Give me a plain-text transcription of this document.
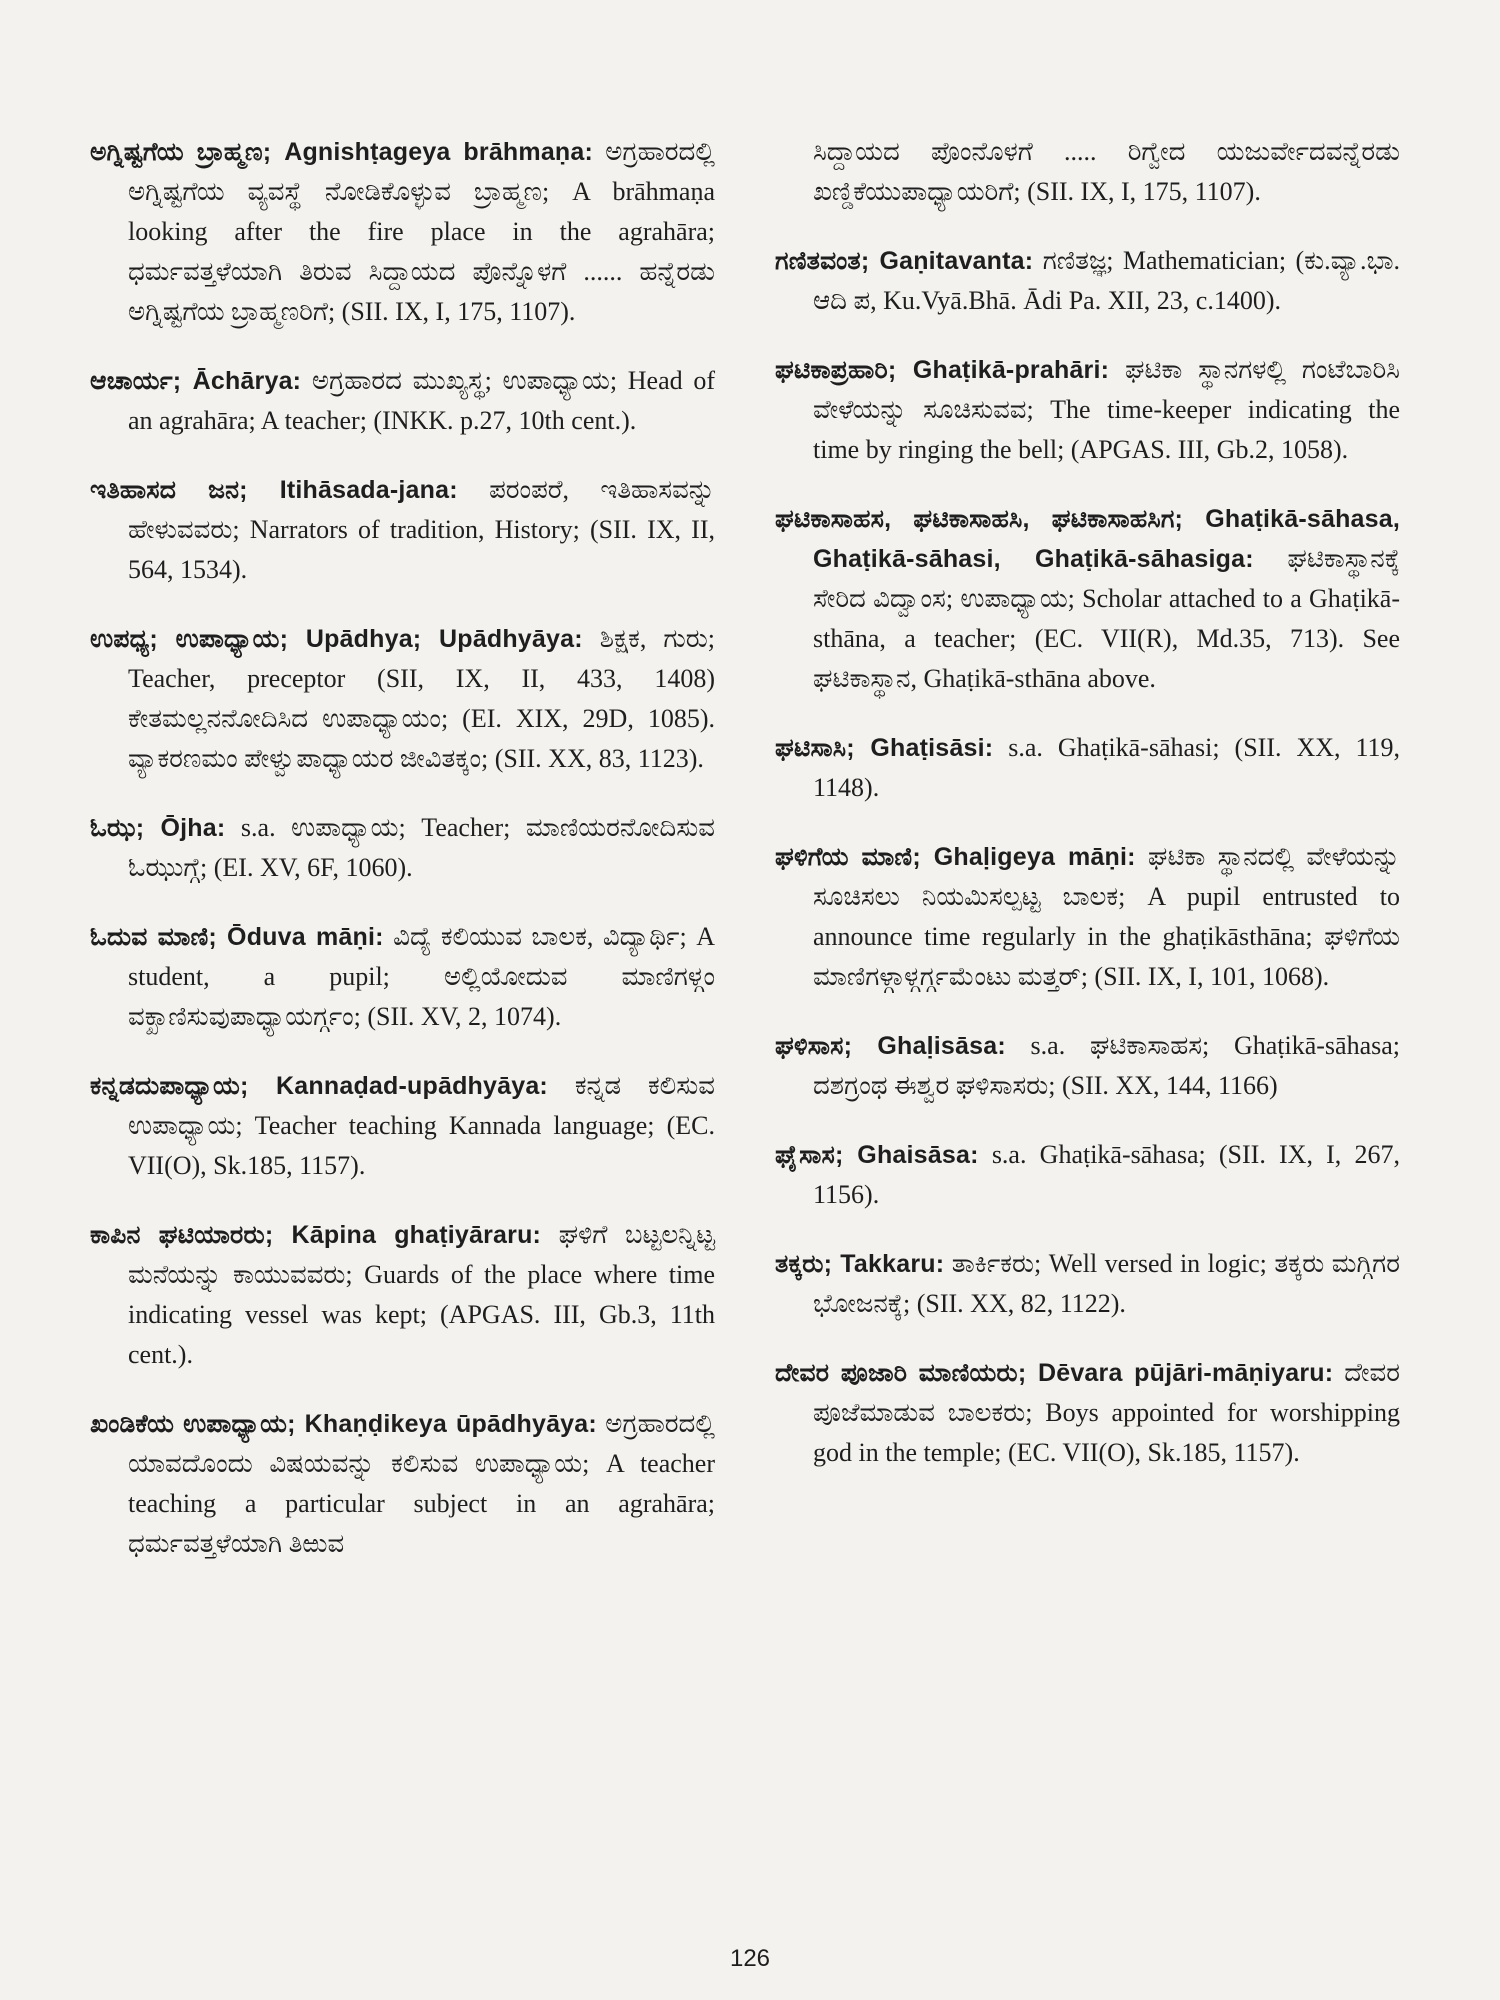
ಅಗ್ನಿಷ್ಟಗೆಯ ಬ್ರಾಹ್ಮಣ; Agnishṭageya brāhmaṇa: ಅಗ್ರಹಾರದಲ್ಲಿ ಅಗ್ನಿಷ್ಟಗೆಯ ವ್ಯವಸ್ಥೆ ನೋಡಿಕೊಳ್ಳುವ ಬ್ರಾಹ್ಮಣ; A brāhmaṇa looking after the fire place in the agrahāra; ಧರ್ಮವತ್ತಳೆಯಾಗಿ ತಿರುವ ಸಿದ್ದಾಯದ ಪೊನ್ನೊಳಗೆ ...... ಹನ್ನೆರಡು ಅಗ್ನಿಷ್ಟಗೆಯ ಬ್ರಾಹ್ಮಣರಿಗೆ; (SII. IX, I, 175, 1107).

ಆಚಾರ್ಯ; Āchārya: ಅಗ್ರಹಾರದ ಮುಖ್ಯಸ್ಥ; ಉಪಾಧ್ಯಾಯ; Head of an agrahāra; A teacher; (INKK. p.27, 10th cent.).

ಇತಿಹಾಸದ ಜನ; Itihāsada-jana: ಪರಂಪರೆ, ಇತಿಹಾಸವನ್ನು ಹೇಳುವವರು; Narrators of tradition, History; (SII. IX, II, 564, 1534).

ಉಪಧ್ಯ; ಉಪಾಧ್ಯಾಯ; Upādhya; Upādhyāya: ಶಿಕ್ಷಕ, ಗುರು; Teacher, preceptor (SII, IX, II, 433, 1408) ಕೇತಮಲ್ಲನನೋದಿಸಿದ ಉಪಾಧ್ಯಾಯಂ; (EI. XIX, 29D, 1085). ವ್ಯಾಕರಣಮಂ ಪೇಳ್ವುಪಾಧ್ಯಾಯರ ಜೀವಿತಕ್ಕಂ; (SII. XX, 83, 1123).

ಓಝ; Ōjha: s.a. ಉಪಾಧ್ಯಾಯ; Teacher; ಮಾಣಿಯರನೋದಿಸುವ ಓಝುಗ್ಗೆ; (EI. XV, 6F, 1060).

ಓದುವ ಮಾಣಿ; Ōduva māṇi: ವಿದ್ಯೆ ಕಲಿಯುವ ಬಾಲಕ, ವಿದ್ಯಾರ್ಥಿ; A student, a pupil; ಅಲ್ಲಿಯೋದುವ ಮಾಣಿಗಳ್ಗಂ ವಕ್ಖಾಣಿಸುವುಪಾಧ್ಯಾಯರ್ಗ್ಗಂ; (SII. XV, 2, 1074).

ಕನ್ನಡದುಪಾಧ್ಯಾಯ; Kannaḍad-upādhyāya: ಕನ್ನಡ ಕಲಿಸುವ ಉಪಾಧ್ಯಾಯ; Teacher teaching Kannada language; (EC. VII(O), Sk.185, 1157).

ಕಾಪಿನ ಘಟಿಯಾರರು; Kāpina ghaṭiyāraru: ಘಳಿಗೆ ಬಟ್ಟಲನ್ನಿಟ್ಟ ಮನೆಯನ್ನು ಕಾಯುವವರು; Guards of the place where time indicating vessel was kept; (APGAS. III, Gb.3, 11th cent.).

ಖಂಡಿಕೆಯ ಉಪಾಧ್ಯಾಯ; Khaṇḍikeya ūpādhyāya: ಅಗ್ರಹಾರದಲ್ಲಿ ಯಾವದೊಂದು ವಿಷಯವನ್ನು ಕಲಿಸುವ ಉಪಾಧ್ಯಾಯ; A teacher teaching a particular subject in an agrahāra; ಧರ್ಮವತ್ತಳೆಯಾಗಿ ತಿಱುವ

ಸಿದ್ದಾಯದ ಪೊಂನೊಳಗೆ ..... ರಿಗ್ವೇದ ಯಜುರ್ವೇದವನ್ನೆರಡು ಖಣ್ಡಿಕೆಯುಪಾಧ್ಯಾಯರಿಗೆ; (SII. IX, I, 175, 1107).

ಗಣಿತವಂತ; Gaṇitavanta: ಗಣಿತಜ್ಞ; Mathematician; (ಕು.ವ್ಯಾ.ಭಾ. ಆದಿ ಪ, Ku.Vyā.Bhā. Ādi Pa. XII, 23, c.1400).

ಘಟಿಕಾಪ್ರಹಾರಿ; Ghaṭikā-prahāri: ಘಟಿಕಾ ಸ್ಥಾನಗಳಲ್ಲಿ ಗಂಟೆಬಾರಿಸಿ ವೇಳೆಯನ್ನು ಸೂಚಿಸುವವ; The time-keeper indicating the time by ringing the bell; (APGAS. III, Gb.2, 1058).

ಘಟಿಕಾಸಾಹಸ, ಘಟಿಕಾಸಾಹಸಿ, ಘಟಿಕಾಸಾಹಸಿಗ; Ghaṭikā-sāhasa, Ghaṭikā-sāhasi, Ghaṭikā-sāhasiga: ಘಟಿಕಾಸ್ಥಾನಕ್ಕೆ ಸೇರಿದ ವಿದ್ವಾಂಸ; ಉಪಾಧ್ಯಾಯ; Scholar attached to a Ghaṭikā-sthāna, a teacher; (EC. VII(R), Md.35, 713). See ಘಟಿಕಾಸ್ಥಾನ, Ghaṭikā-sthāna above.

ಘಟಿಸಾಸಿ; Ghaṭisāsi: s.a. Ghaṭikā-sāhasi; (SII. XX, 119, 1148).

ಘಳಿಗೆಯ ಮಾಣಿ; Ghaḷigeya māṇi: ಘಟಿಕಾ ಸ್ಥಾನದಲ್ಲಿ ವೇಳೆಯನ್ನು ಸೂಚಿಸಲು ನಿಯಮಿಸಲ್ಪಟ್ಟ ಬಾಲಕ; A pupil entrusted to announce time regularly in the ghaṭikāsthāna; ಘಳಿಗೆಯ ಮಾಣಿಗಳ್ಗಾಳ್ಗರ್ಗ್ಗಮೆಂಟು ಮತ್ತರ್; (SII. IX, I, 101, 1068).

ಘಳಿಸಾಸ; Ghaḷisāsa: s.a. ಘಟಿಕಾಸಾಹಸ; Ghaṭikā-sāhasa; ದಶಗ್ರಂಥ ಈಶ್ವರ ಘಳಿಸಾಸರು; (SII. XX, 144, 1166)

ಘೈಸಾಸ; Ghaisāsa: s.a. Ghaṭikā-sāhasa; (SII. IX, I, 267, 1156).

ತಕ್ಕರು; Takkaru: ತಾರ್ಕಿಕರು; Well versed in logic; ತಕ್ಕರು ಮಗ್ಗಿಗರ ಭೋಜನಕ್ಕೆ; (SII. XX, 82, 1122).

ದೇವರ ಪೂಜಾರಿ ಮಾಣಿಯರು; Dēvara pūjāri-māṇiyaru: ದೇವರ ಪೂಜೆಮಾಡುವ ಬಾಲಕರು; Boys appointed for worshipping god in the temple; (EC. VII(O), Sk.185, 1157).

126
